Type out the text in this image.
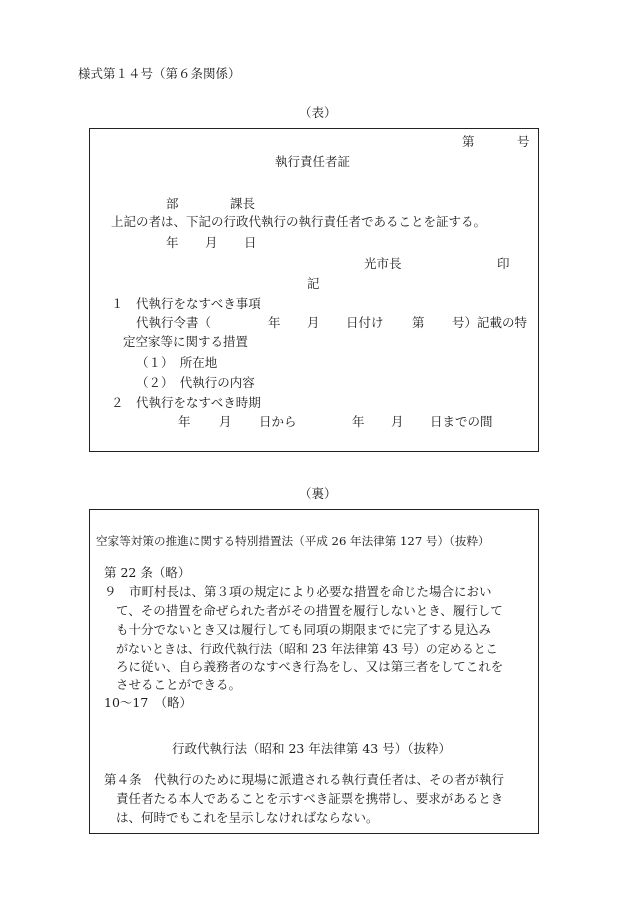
様式第１４号（第６条関係）
（表）
第	号
執行責任者証
部	課長
上記の者は、下記の行政代執行の執行責任者であることを証する。
年 月 日
光市長	印
記
１　代執行をなすべき事項
代執行令書（	年 月 日付け 第 号）記載の特
定空家等に関する措置
（１）　所在地
（２）　代執行の内容
２　代執行をなすべき時期
年 月 日から	年 月 日までの間
（裏）
空家等対策の推進に関する特別措置法（平成 26 年法律第 127 号）（抜粋）
第 22 条（略）
９　市町村長は、第３項の規定により必要な措置を命じた場合におい
て、その措置を命ぜられた者がその措置を履行しないとき、履行して
も十分でないとき又は履行しても同項の期限までに完了する見込み
がないときは、行政代執行法（昭和 23 年法律第 43 号）の定めるとこ
ろに従い、自ら義務者のなすべき行為をし、又は第三者をしてこれを
させることができる。
10〜17　（略）
行政代執行法（昭和 23 年法律第 43 号）（抜粋）
第４条　代執行のために現場に派遣される執行責任者は、その者が執行
責任者たる本人であることを示すべき証票を携帯し、要求があるとき
は、何時でもこれを呈示しなければならない。
